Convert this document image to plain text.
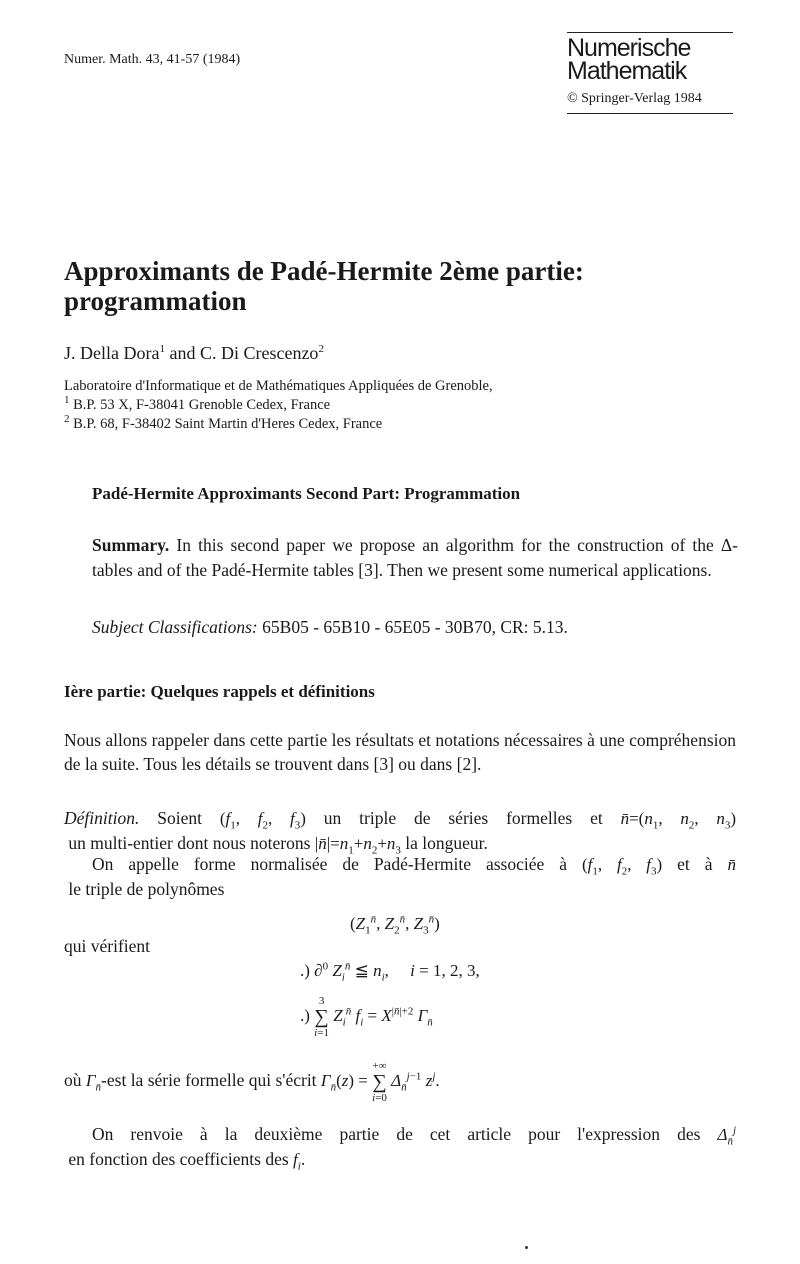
Numer. Math. 43, 41-57 (1984)	Numerische
Mathematik
© Springer-Verlag 1984
Approximants de Padé-Hermite 2ème partie:
programmation
J. Della Dora$^1$ and C. Di Crescenzo$^2$
Laboratoire d'Informatique et de Mathématiques Appliquées de Grenoble,
$^1$ B.P. 53 X, F-38041 Grenoble Cedex, France
$^2$ B.P. 68, F-38402 Saint Martin d'Heres Cedex, France
Padé-Hermite Approximants Second Part: Programmation
Summary. In this second paper we propose an algorithm for the construction of the Δ-tables and of the Padé-Hermite tables [3]. Then we present some numerical applications.
Subject Classifications: 65B05 - 65B10 - 65E05 - 30B70, CR: 5.13.
Ière partie: Quelques rappels et définitions
Nous allons rappeler dans cette partie les résultats et notations nécessaires à une compréhension de la suite. Tous les détails se trouvent dans [3] ou dans [2].
Définition. Soient ($f_1$, $f_2$, $f_3$) un triple de séries formelles et $n̄=(n_1$, $n_2$, $n_3$) un multi-entier dont nous noterons $|n̄|=n_1+n_2+n_3$ la longueur.
On appelle forme normalisée de Padé-Hermite associée à ($f_1$, $f_2$, $f_3$) et à n̄ le triple de polynômes
($Z_1^{n̄}$, $Z_2^{n̄}$, $Z_3^{n̄}$)
qui vérifient
.) ∂$^0$ $Z_i^{n̄}$ ≦ $n_i$,     i = 1, 2, 3,
.) 3
∑
i=1 $Z_i^{n̄}$ $f_i = X^{|n̄|+2}$ $\Gamma_{n̄}$
où $\Gamma_{n̄}$-est la série formelle qui s'écrit $\Gamma_{n̄}(z)$ = +∞
∑
i=0 $\Delta_{n̄}^{j-1}$ $z^j$.
On renvoie à la deuxième partie de cet article pour l'expression des $\Delta_{n̄}^j$ en fonction des coefficients des $f_i$.
